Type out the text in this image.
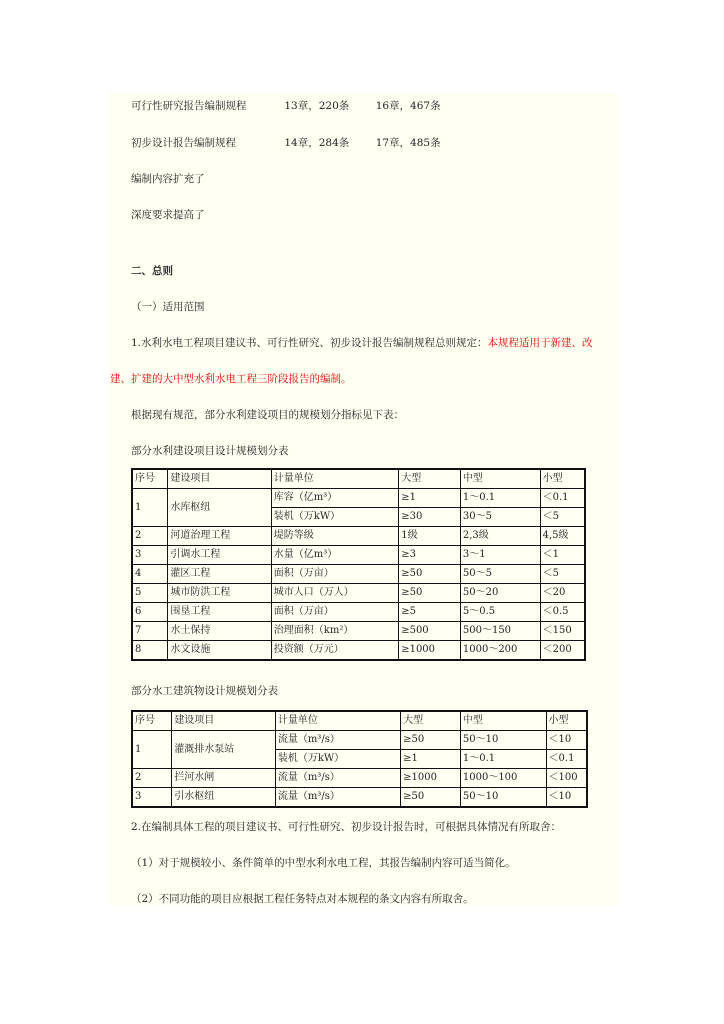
可行性研究报告编制规程	13章，220条	16章，467条
初步设计报告编制规程	14章，284条	17章，485条
编制内容扩充了
深度要求提高了
二、总则
（一）适用范围
1.水利水电工程项目建议书、可行性研究、初步设计报告编制规程总则规定：本规程适用于新建、改
建、扩建的大中型水利水电工程三阶段报告的编制。
根据现有规范，部分水利建设项目的规模划分指标见下表：
部分水利建设项目设计规模划分表
序号	建设项目	计量单位	大型	中型	小型
1	水库枢纽	库容（亿m³）	≥1	1～0.1	＜0.1
		装机（万kW）	≥30	30～5	＜5
2	河道治理工程	堤防等级	1级	2,3级	4,5级
3	引调水工程	水量（亿m³）	≥3	3～1	＜1
4	灌区工程	面积（万亩）	≥50	50～5	＜5
5	城市防洪工程	城市人口（万人）	≥50	50～20	＜20
6	围垦工程	面积（万亩）	≥5	5～0.5	＜0.5
7	水土保持	治理面积（km²）	≥500	500～150	＜150
8	水文设施	投资额（万元）	≥1000	1000～200	＜200
部分水工建筑物设计规模划分表
序号	建设项目	计量单位	大型	中型	小型
1	灌溉排水泵站	流量（m³/s）	≥50	50～10	＜10
		装机（万kW）	≥1	1～0.1	＜0.1
2	拦河水闸	流量（m³/s）	≥1000	1000～100	＜100
3	引水枢纽	流量（m³/s）	≥50	50～10	＜10
2.在编制具体工程的项目建议书、可行性研究、初步设计报告时，可根据具体情况有所取舍：
（1）对于规模较小、条件简单的中型水利水电工程，其报告编制内容可适当简化。
（2）不同功能的项目应根据工程任务特点对本规程的条文内容有所取舍。
